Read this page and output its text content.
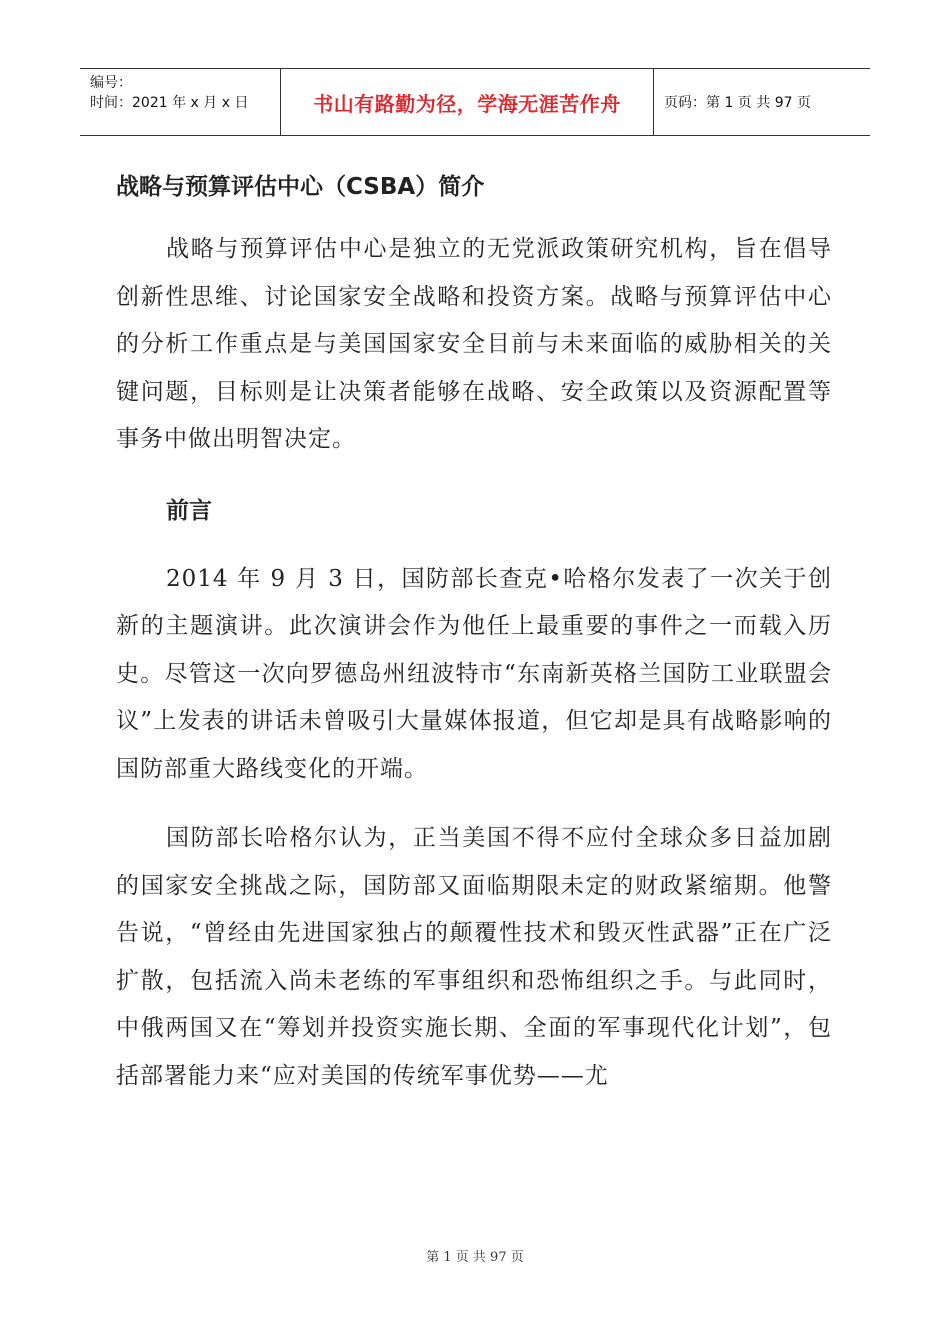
编号：
时间：2021 年 x 月 x 日	书山有路勤为径，学海无涯苦作舟	页码：第 1 页 共 97 页
战略与预算评估中心（CSBA）简介

战略与预算评估中心是独立的无党派政策研究机构，旨在倡导创新性思维、讨论国家安全战略和投资方案。战略与预算评估中心的分析工作重点是与美国国家安全目前与未来面临的威胁相关的关键问题，目标则是让决策者能够在战略、安全政策以及资源配置等事务中做出明智决定。

前言

2014 年 9 月 3 日，国防部长查克•哈格尔发表了一次关于创新的主题演讲。此次演讲会作为他任上最重要的事件之一而载入历史。尽管这一次向罗德岛州纽波特市“东南新英格兰国防工业联盟会议”上发表的讲话未曾吸引大量媒体报道，但它却是具有战略影响的国防部重大路线变化的开端。

国防部长哈格尔认为，正当美国不得不应付全球众多日益加剧的国家安全挑战之际，国防部又面临期限未定的财政紧缩期。他警告说，“曾经由先进国家独占的颠覆性技术和毁灭性武器”正在广泛扩散，包括流入尚未老练的军事组织和恐怖组织之手。与此同时，中俄两国又在“筹划并投资实施长期、全面的军事现代化计划”，包括部署能力来“应对美国的传统军事优势——尤

第 1 页 共 97 页
